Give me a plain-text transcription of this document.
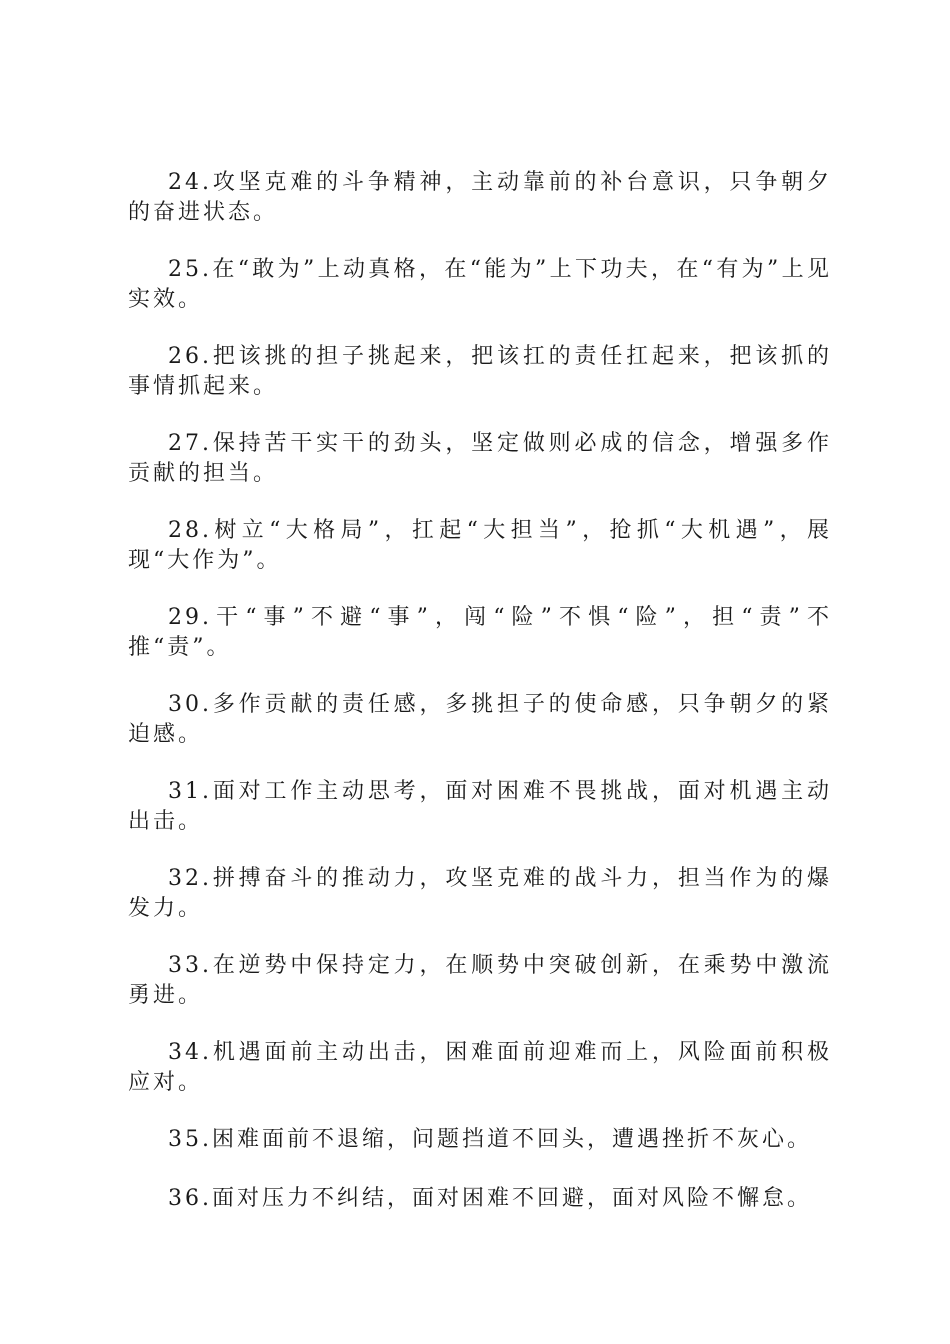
24.攻坚克难的斗争精神，主动靠前的补台意识，只争朝夕的奋进状态。

25.在“敢为”上动真格，在“能为”上下功夫，在“有为”上见实效。

26.把该挑的担子挑起来，把该扛的责任扛起来，把该抓的事情抓起来。

27.保持苦干实干的劲头，坚定做则必成的信念，增强多作贡献的担当。

28.树立“大格局”，扛起“大担当”，抢抓“大机遇”，展现“大作为”。

29.干“事”不避“事”，闯“险”不惧“险”，担“责”不推“责”。

30.多作贡献的责任感，多挑担子的使命感，只争朝夕的紧迫感。

31.面对工作主动思考，面对困难不畏挑战，面对机遇主动出击。

32.拼搏奋斗的推动力，攻坚克难的战斗力，担当作为的爆发力。

33.在逆势中保持定力，在顺势中突破创新，在乘势中激流勇进。

34.机遇面前主动出击，困难面前迎难而上，风险面前积极应对。

35.困难面前不退缩，问题挡道不回头，遭遇挫折不灰心。

36.面对压力不纠结，面对困难不回避，面对风险不懈怠。
